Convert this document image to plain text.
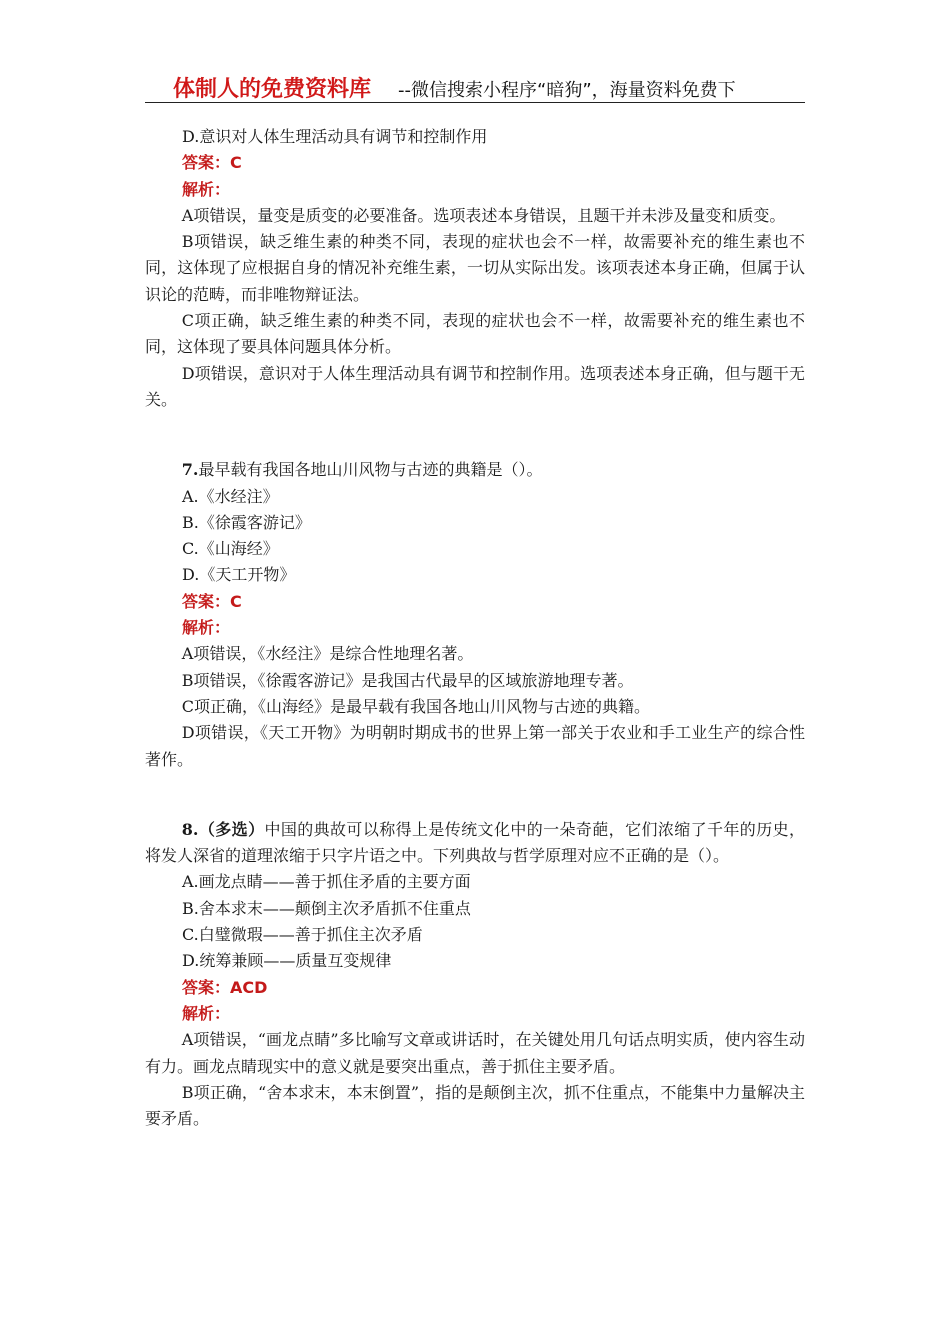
体制人的免费资料库 --微信搜索小程序“暗狗”，海量资料免费下
D.意识对人体生理活动具有调节和控制作用
答案：C
解析：

A项错误，量变是质变的必要准备。选项表述本身错误，且题干并未涉及量变和质变。

B项错误，缺乏维生素的种类不同，表现的症状也会不一样，故需要补充的维生素也不同，这体现了应根据自身的情况补充维生素，一切从实际出发。该项表述本身正确，但属于认识论的范畴，而非唯物辩证法。

C项正确，缺乏维生素的种类不同，表现的症状也会不一样，故需要补充的维生素也不同，这体现了要具体问题具体分析。

D项错误，意识对于人体生理活动具有调节和控制作用。选项表述本身正确，但与题干无关。

7.最早载有我国各地山川风物与古迹的典籍是（）。

A.《水经注》
B.《徐霞客游记》
C.《山海经》
D.《天工开物》
答案：C
解析：

A项错误，《水经注》是综合性地理名著。

B项错误，《徐霞客游记》是我国古代最早的区域旅游地理专著。

C项正确，《山海经》是最早载有我国各地山川风物与古迹的典籍。

D项错误，《天工开物》为明朝时期成书的世界上第一部关于农业和手工业生产的综合性著作。

8.（多选）中国的典故可以称得上是传统文化中的一朵奇葩，它们浓缩了千年的历史，将发人深省的道理浓缩于只字片语之中。下列典故与哲学原理对应不正确的是（）。

A.画龙点睛——善于抓住矛盾的主要方面
B.舍本求末——颠倒主次矛盾抓不住重点
C.白璧微瑕——善于抓住主次矛盾
D.统筹兼顾——质量互变规律
答案：ACD
解析：

A项错误，“画龙点睛”多比喻写文章或讲话时，在关键处用几句话点明实质，使内容生动有力。画龙点睛现实中的意义就是要突出重点，善于抓住主要矛盾。

B项正确，“舍本求末，本末倒置”，指的是颠倒主次，抓不住重点，不能集中力量解决主要矛盾。
